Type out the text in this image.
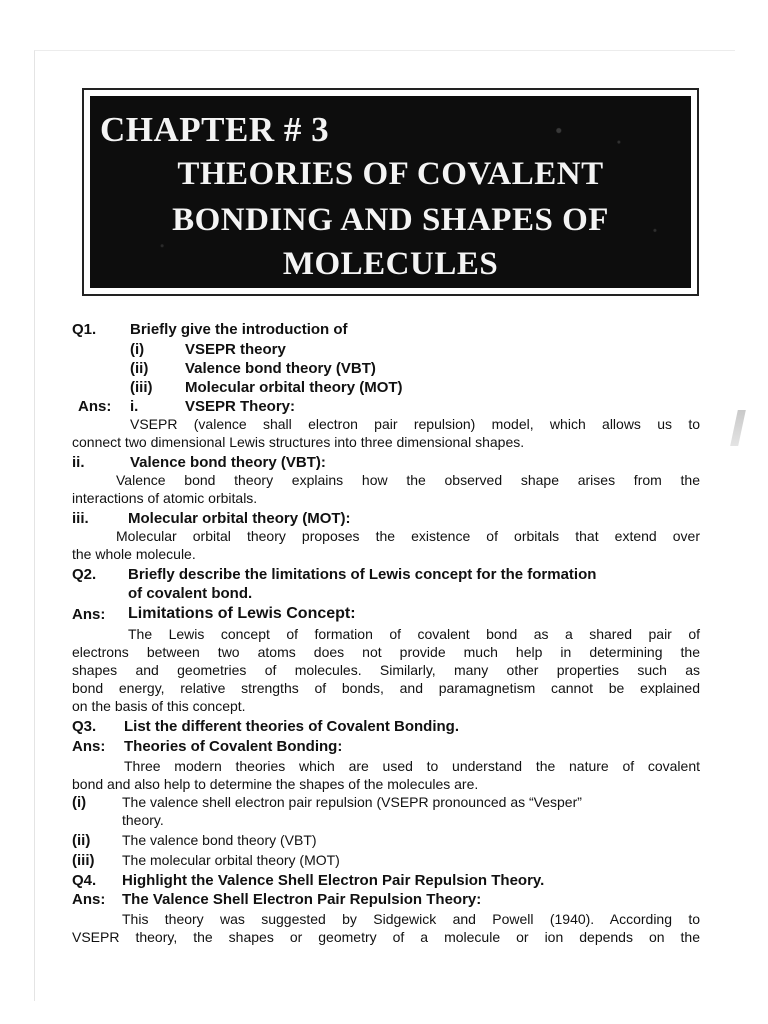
CHAPTER # 3
THEORIES OF COVALENT
BONDING AND SHAPES OF
MOLECULES
Q1. Briefly give the introduction of
(i)	VSEPR theory
(ii) Valence bond theory (VBT)
(iii) Molecular orbital theory (MOT)
Ans: i.	VSEPR Theory:
VSEPR (valence shall electron pair repulsion) model, which allows us to
connect two dimensional Lewis structures into three dimensional shapes.
ii.	Valence bond theory (VBT):
Valence bond theory explains how the observed shape arises from the
interactions of atomic orbitals.
iii.	Molecular orbital theory (MOT):
Molecular orbital theory proposes the existence of orbitals that extend over
the whole molecule.
Q2. Briefly describe the limitations of Lewis concept for the formation
of covalent bond.
Ans: Limitations of Lewis Concept:
The Lewis concept of formation of covalent bond as a shared pair of
electrons between two atoms does not provide much help in determining the
shapes and geometries of molecules. Similarly, many other properties such as
bond energy, relative strengths of bonds, and paramagnetism cannot be explained
on the basis of this concept.
Q3. List the different theories of Covalent Bonding.
Ans: Theories of Covalent Bonding:
Three modern theories which are used to understand the nature of covalent
bond and also help to determine the shapes of the molecules are.
(i)	The valence shell electron pair repulsion (VSEPR pronounced as “Vesper”
theory.
(ii) The valence bond theory (VBT)
(iii) The molecular orbital theory (MOT)
Q4. Highlight the Valence Shell Electron Pair Repulsion Theory.
Ans: The Valence Shell Electron Pair Repulsion Theory:
This theory was suggested by Sidgewick and Powell (1940). According to
VSEPR theory, the shapes or geometry of a molecule or ion depends on the
